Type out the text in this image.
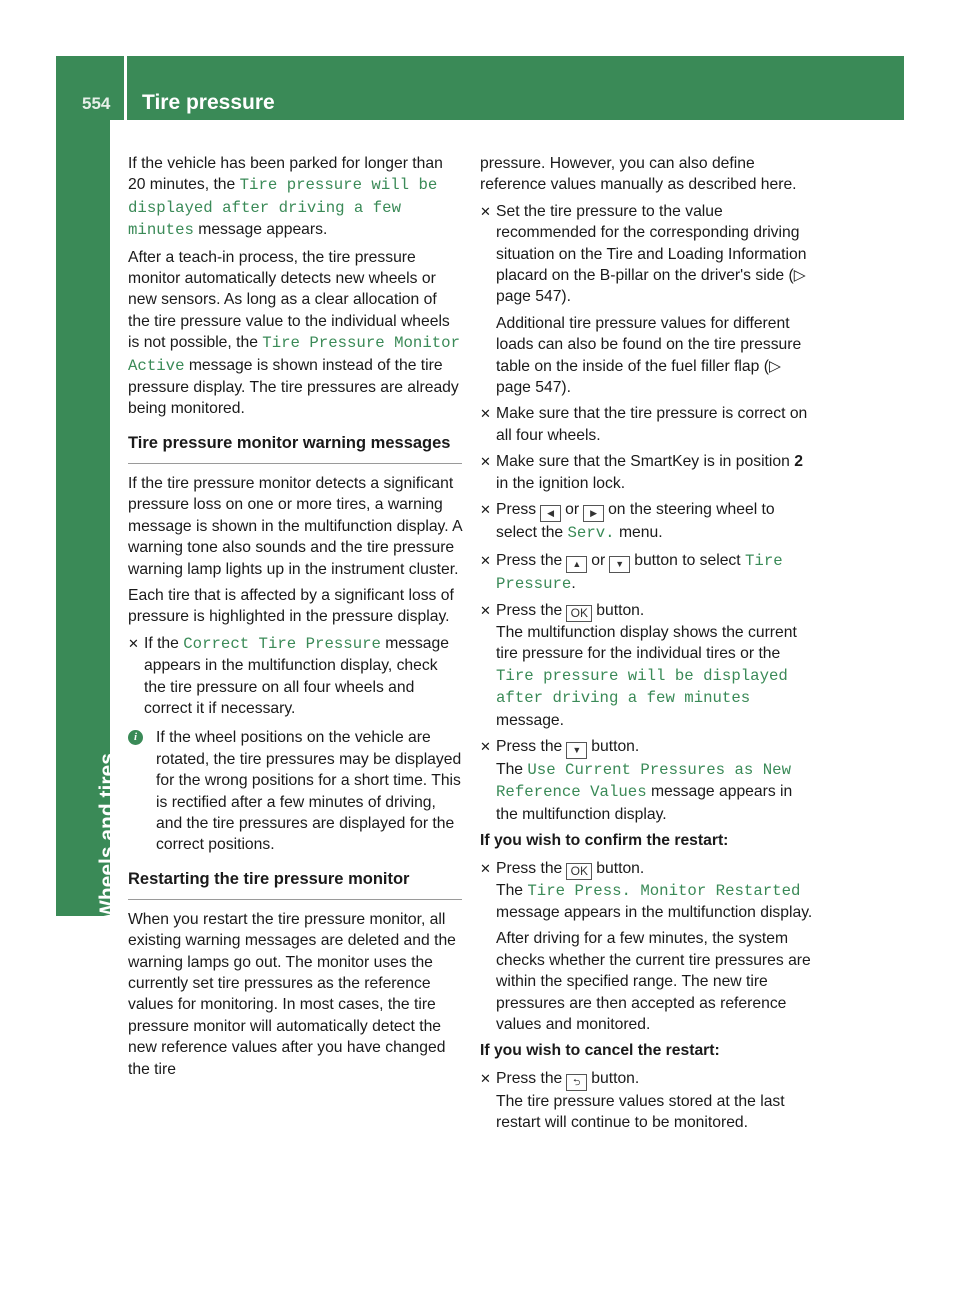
554 Tire pressure
Wheels and tires

If the vehicle has been parked for longer than 20 minutes, the Tire pressure will be displayed after driving a few minutes message appears.

After a teach-in process, the tire pressure monitor automatically detects new wheels or new sensors. As long as a clear allocation of the tire pressure value to the individual wheels is not possible, the Tire Pressure Monitor Active message is shown instead of the tire pressure display. The tire pressures are already being monitored.

Tire pressure monitor warning messages

If the tire pressure monitor detects a significant pressure loss on one or more tires, a warning message is shown in the multifunction display. A warning tone also sounds and the tire pressure warning lamp lights up in the instrument cluster.

Each tire that is affected by a significant loss of pressure is highlighted in the pressure display.

✕ If the Correct Tire Pressure message appears in the multifunction display, check the tire pressure on all four wheels and correct it if necessary.
i	If the wheel positions on the vehicle are rotated, the tire pressures may be displayed for the wrong positions for a short time. This is rectified after a few minutes of driving, and the tire pressures are displayed for the correct positions.
Restarting the tire pressure monitor

When you restart the tire pressure monitor, all existing warning messages are deleted and the warning lamps go out. The monitor uses the currently set tire pressures as the reference values for monitoring. In most cases, the tire pressure monitor will automatically detect the new reference values after you have changed the tire

pressure. However, you can also define reference values manually as described here.

✕ Set the tire pressure to the value recommended for the corresponding driving situation on the Tire and Loading Information placard on the B-pillar on the driver's side (▷ page 547).

Additional tire pressure values for different loads can also be found on the tire pressure table on the inside of the fuel filler flap (▷ page 547).

✕ Make sure that the tire pressure is correct on all four wheels.
✕ Make sure that the SmartKey is in position 2 in the ignition lock.
✕ Press ◀ or ▶ on the steering wheel to select the Serv. menu.
✕ Press the ▲ or ▼ button to select Tire Pressure.
✕ Press the OK button.
The multifunction display shows the current tire pressure for the individual tires or the Tire pressure will be displayed after driving a few minutes message.
✕ Press the ▼ button.
The Use Current Pressures as New Reference Values message appears in the multifunction display.
If you wish to confirm the restart:
✕ Press the OK button.
The Tire Press. Monitor Restarted message appears in the multifunction display.

After driving for a few minutes, the system checks whether the current tire pressures are within the specified range. The new tire pressures are then accepted as reference values and monitored.

If you wish to cancel the restart:
✕ Press the ⮌ button.
The tire pressure values stored at the last restart will continue to be monitored.
